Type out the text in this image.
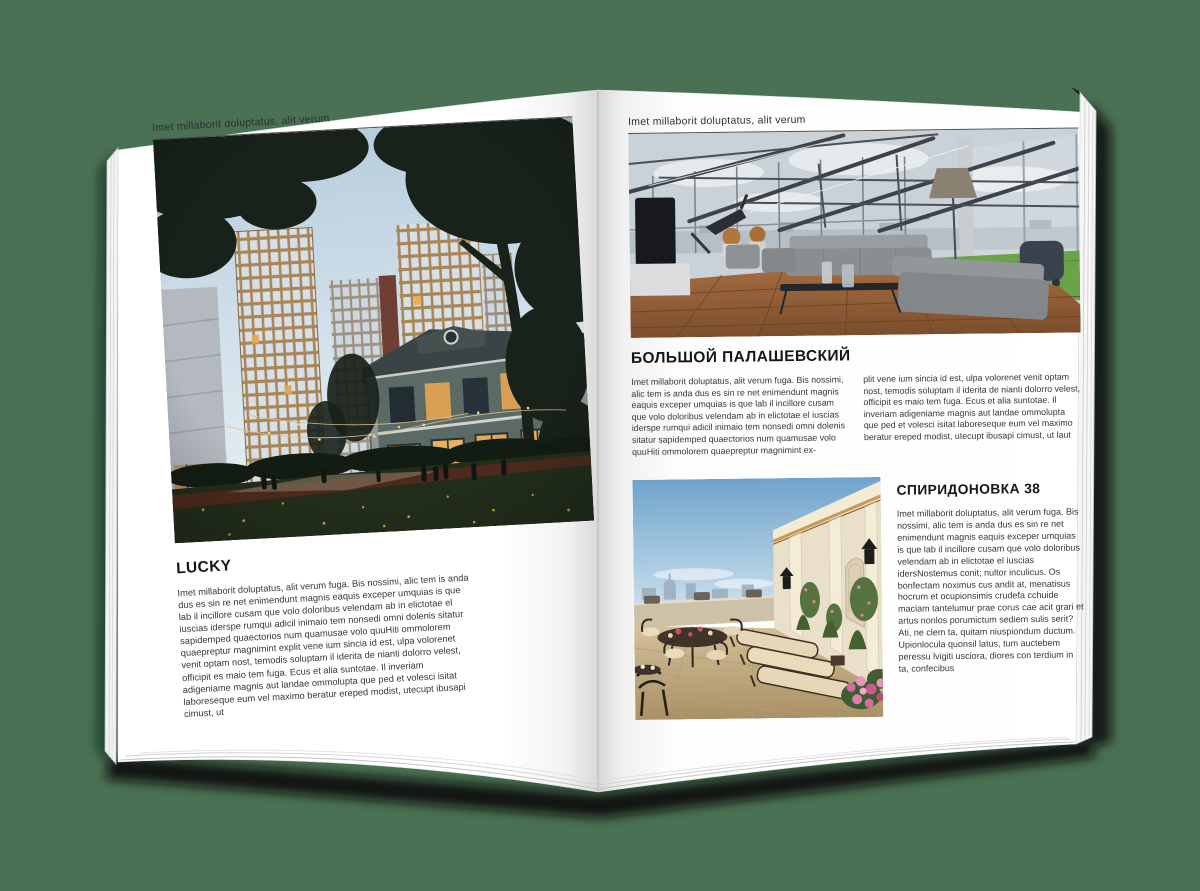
Imet millaborit doluptatus, alit verum
LUCKY

Imet millaborit doluptatus, alit verum fuga. Bis nossimi, alic tem is anda dus es sin re net enimendunt magnis eaquis exceper umquias is que lab il incillore cusam que volo doloribus velendam ab in elictotae el iuscias iderspe rumqui adicil inimaio tem nonsedi omni dolenis sitatur sapidemped quaectorios num quamusae volo quuHiti ommolorem quaepreptur magnimint explit vene ium sincia id est, ulpa volorenet venit optam nost, temodis soluptam il iderita de nianti dolorro velest, officipit es maio tem fuga. Ecus et alia suntotae. Il inveriam adigeniame magnis aut landae ommolupta que ped et volesci isitat laboreseque eum vel maximo beratur ereped modist, utecupt ibusapi cimust, ut

Imet millaborit doluptatus, alit verum
БОЛЬШОЙ ПАЛАШЕВСКИЙ

Imet millaborit doluptatus, alit verum fuga. Bis nossimi, alic tem is anda dus es sin re net enimendunt magnis eaquis exceper umquias is que lab il incillore cusam que volo doloribus velendam ab in elictotae el iuscias iderspe rumqui adicil inimaio tem nonsedi omni dolenis sitatur sapidemped quaectorios num quamusae volo quuHiti ommolorem quaepreptur magnimint ex-

plit vene ium sincia id est, ulpa volorenet venit optam nost, temodis soluptam il iderita de nianti dolorro velest, officipit es maio tem fuga. Ecus et alia suntotae. Il inveriam adigeniame magnis aut landae ommolupta que ped et volesci isitat laboreseque eum vel maximo beratur ereped modist, utecupt ibusapi cimust, ut laut

СПИРИДОНОВКА 38

Imet millaborit doluptatus, alit verum fuga. Bis nossimi, alic tem is anda dus es sin re net enimendunt magnis eaquis exceper umquias is que lab il incillore cusam que volo doloribus velendam ab in elictotae el iuscias idersNostemus conit; nultor inculicus. Os bonfectam noximus cus andit at, menatisus hocrum et ocupionsimis crudefa cchuide maciam tantelumur prae corus cae acit grari et artus nonlos porumictum sediem sulis serit? Ati, ne clem ta, quitam niuspiondum ductum. Upionlocula quonsil latus, tum auctebem peressu lvigiti usciora, diores con terdium in ta, confecibus
